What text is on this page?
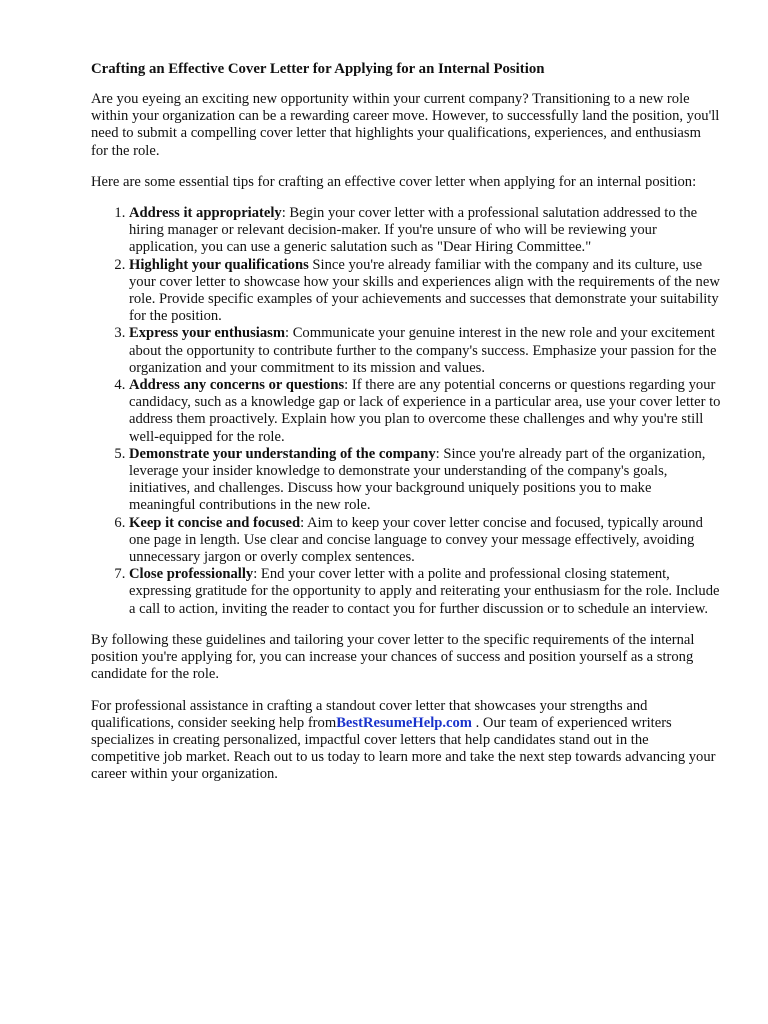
Crafting an Effective Cover Letter for Applying for an Internal Position

Are you eyeing an exciting new opportunity within your current company? Transitioning to a new role within your organization can be a rewarding career move. However, to successfully land the position, you'll need to submit a compelling cover letter that highlights your qualifications, experiences, and enthusiasm for the role.

Here are some essential tips for crafting an effective cover letter when applying for an internal position:

1. Address it appropriately: Begin your cover letter with a professional salutation addressed to the hiring manager or relevant decision-maker. If you're unsure of who will be reviewing your application, you can use a generic salutation such as "Dear Hiring Committee."
2. Highlight your qualifications Since you're already familiar with the company and its culture, use your cover letter to showcase how your skills and experiences align with the requirements of the new role. Provide specific examples of your achievements and successes that demonstrate your suitability for the position.
3. Express your enthusiasm: Communicate your genuine interest in the new role and your excitement about the opportunity to contribute further to the company's success. Emphasize your passion for the organization and your commitment to its mission and values.
4. Address any concerns or questions: If there are any potential concerns or questions regarding your candidacy, such as a knowledge gap or lack of experience in a particular area, use your cover letter to address them proactively. Explain how you plan to overcome these challenges and why you're still well-equipped for the role.
5. Demonstrate your understanding of the company: Since you're already part of the organization, leverage your insider knowledge to demonstrate your understanding of the company's goals, initiatives, and challenges. Discuss how your background uniquely positions you to make meaningful contributions in the new role.
6. Keep it concise and focused: Aim to keep your cover letter concise and focused, typically around one page in length. Use clear and concise language to convey your message effectively, avoiding unnecessary jargon or overly complex sentences.
7. Close professionally: End your cover letter with a polite and professional closing statement, expressing gratitude for the opportunity to apply and reiterating your enthusiasm for the role. Include a call to action, inviting the reader to contact you for further discussion or to schedule an interview.

By following these guidelines and tailoring your cover letter to the specific requirements of the internal position you're applying for, you can increase your chances of success and position yourself as a strong candidate for the role.

For professional assistance in crafting a standout cover letter that showcases your strengths and qualifications, consider seeking help fromBestResumeHelp.com . Our team of experienced writers specializes in creating personalized, impactful cover letters that help candidates stand out in the competitive job market. Reach out to us today to learn more and take the next step towards advancing your career within your organization.
